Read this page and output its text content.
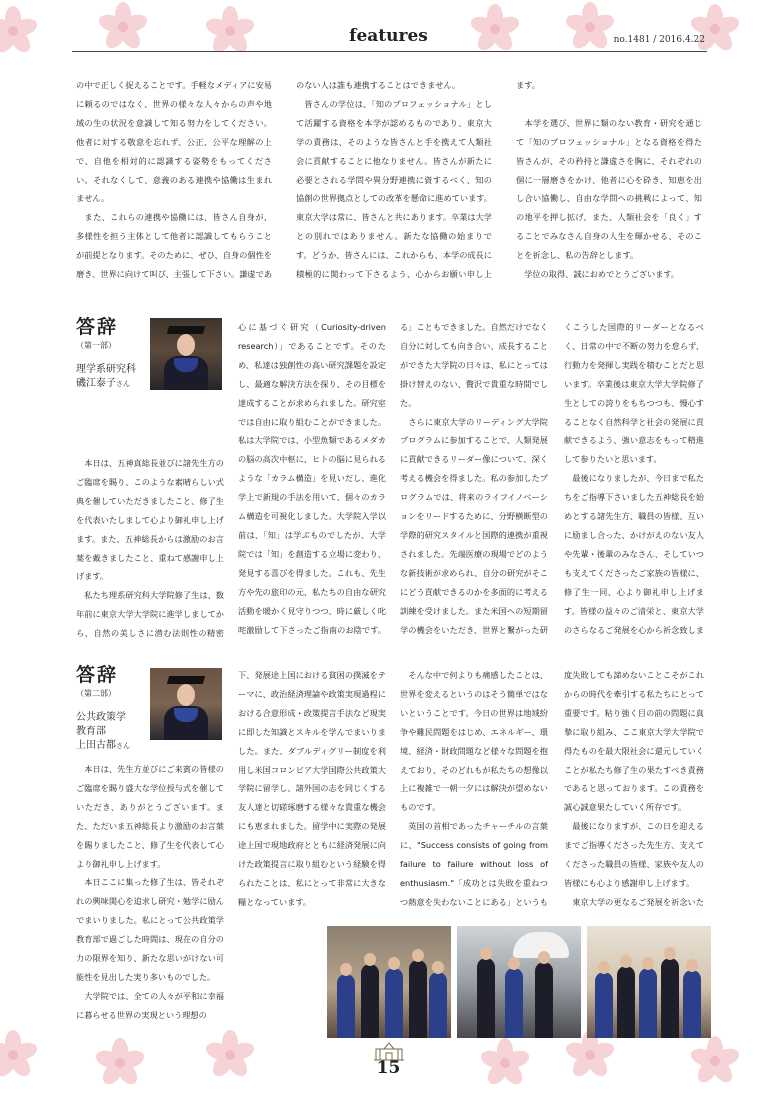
features	no.1481 / 2016.4.22
の中で正しく捉えることです。手軽なメディアに安易に頼るのではなく、世界の様々な人々からの声や地域の生の状況を意識して知る努力をしてください。他者に対する敬意を忘れず、公正、公平な理解の上で、自他を相対的に認識する姿勢をもってください。それなくして、意義のある連携や協働は生まれません。
　また、これらの連携や協働には、皆さん自身が、多様性を担う主体として他者に認識してもらうことが前提となります。そのために、ぜひ、自身の個性を磨き、世界に向けて叫び、主張して下さい。謙虚であ
のない人は誰も連携することはできません。
　皆さんの学位は、「知のプロフェッショナル」として活躍する資格を本学が認めるものであり、東京大学の責務は、そのような皆さんと手を携えて人類社会に貢献することに他なりません。皆さんが新たに必要とされる学問や異分野連携に資するべく、知の協創の世界拠点としての改革を懸命に進めています。東京大学は常に、皆さんと共にあります。卒業は大学との別れではありません。新たな協働の始まりです。どうか、皆さんには、これからも、本学の成長に積極的に関わって下さるよう、心からお願い申し上
ます。

　本学を選び、世界に類のない教育・研究を通じて「知のプロフェッショナル」となる資格を得た皆さんが、その矜持と謙虚さを胸に、それぞれの個に一層磨きをかけ、他者に心を砕き、知恵を出し合い協働し、自由な学問への挑戦によって、知の地平を押し拡げ、また、人類社会を「良く」することでみなさん自身の人生を輝かせる、そのことを祈念し、私の告辞とします。
　学位の取得、誠におめでとうございます。
答辞
（第一部）
理学系研究科
磯江泰子さん
　本日は、五神真総長並びに諸先生方のご臨席を賜り、このような素晴らしい式典を催していただきましたこと、修了生を代表いたしまして心より御礼申し上げます。また、五神総長からは激励のお言葉を戴きましたこと、重ねて感謝申し上げます。
　私たち理系研究科大学院修了生は、数年前に東京大学大学院に進学しましてから、自然の美しさに潜む法則性の精密
心に基づく研究（Curiosity-driven research）」であることです。そのため、私達は独創性の高い研究課題を設定し、最適な解決方法を探り、その目標を達成することが求められました。研究室では自由に取り組むことができました。私は大学院では、小型魚類であるメダカの脳の高次中枢に、ヒトの脳に見られるような「カラム構造」を見いだし、進化学上で新規の手法を用いて、個々のカラム構造を可視化しました。大学院入学以前は、「知」は学ぶものでしたが、大学院では「知」を創造する立場に変わり、発見する喜びを得ました。これも、先生方や先の旅印の元、私たちの自由な研究活動を暖かく見守りつつ、時に厳しく叱咤激励して下さったご指南のお陰です。
る」こともできました。自然だけでなく自分に対しても向き合い、成長することができた大学院の日々は、私にとっては掛け替えのない、贅沢で貴重な時間でした。
　さらに東京大学のリーディング大学院プログラムに参加することで、人類発展に貢献できるリーダー像について、深く考える機会を得ました。私の参加したプログラムでは、将来のライフイノベーションをリードするために、分野横断型の学際的研究スタイルと国際的連携が重視されました。先端医療の現場でどのような新技術が求められ、自分の研究がそこにどう貢献できるのかを多面的に考える訓練を受けました。また米国への短期留学の機会をいただき、世界と繋がった研

くこうした国際的リーダーとなるべく、日常の中で不断の努力を怠らず、行動力を発揮し実践を積むことだと思います。卒業後は東京大学大学院修了生としての誇りをもちつつも、慢心することなく自然科学と社会の発展に貢献できるよう、強い意志をもって精進して参りたいと思います。
　最後になりましたが、今日まで私たちをご指導下さいました五神総長を始めとする諸先生方、職員の皆様、互いに励まし合った、かけがえのない友人や先輩・後輩のみなさん、そしていつも支えてくださったご家族の皆様に、修了生一同、心より御礼申し上げます。皆様の益々のご清栄と、東京大学のさらなるご発展を心から祈念致しま
答辞
（第二部）
公共政策学
教育部
上田古都さん
　本日は、先生方並びにご来賓の皆様のご臨席を賜り盛大な学位授与式を催していただき、ありがとうございます。また、ただいま五神総長より激励のお言葉を賜りましたこと、修了生を代表して心より御礼申し上げます。
　本日ここに集った修了生は、皆それぞれの興味関心を追求し研究・勉学に励んでまいりました。私にとって公共政策学教育部で過ごした時間は、現在の自分の力の限界を知り、新たな思いがけない可能性を見出した実り多いものでした。
　大学院では、全ての人々が平和に幸福に暮らせる世界の実現という理想の
下、発展途上国における貧困の撲滅をテーマに、政治経済理論や政策実現過程における合意形成・政策提言手法など現実に即した知識とスキルを学んでまいりました。また、ダブルディグリー制度を利用し米国コロンビア大学国際公共政策大学院に留学し、諸外国の志を同じくする友人達と切磋琢磨する様々な貴重な機会にも恵まれました。留学中に実際の発展途上国で現地政府とともに経済発展に向けた政策提言に取り組むという経験を得られたことは、私にとって非常に大きな糧となっています。
　そんな中で何よりも痛感したことは、世界を変えるというのはそう簡単ではないということです。今日の世界は地域紛争や難民問題をはじめ、エネルギー、環境、経済・財政問題など様々な問題を抱えており、そのどれもが私たちの想像以上に複雑で一朝一夕には解決が望めないものです。
　英国の首相であったチャーチルの言葉に、"Success consists of going from failure to failure without loss of enthusiasm."「成功とは失敗を重ねつつ熱意を失わないことにある」というも
度失敗しても諦めないことこそがこれからの時代を牽引する私たちにとって重要です。粘り強く目の前の問題に真摯に取り組み、ここ東京大学大学院で得たものを最大限社会に還元していくことが私たち修了生の果たすべき責務であると思っております。この責務を誠心誠意果たしていく所存です。
　最後になりますが、この日を迎えるまでご指導くださった先生方、支えてくださった職員の皆様、家族や友人の皆様にも心より感謝申し上げます。
　東京大学の更なるご発展を祈念いた
15
